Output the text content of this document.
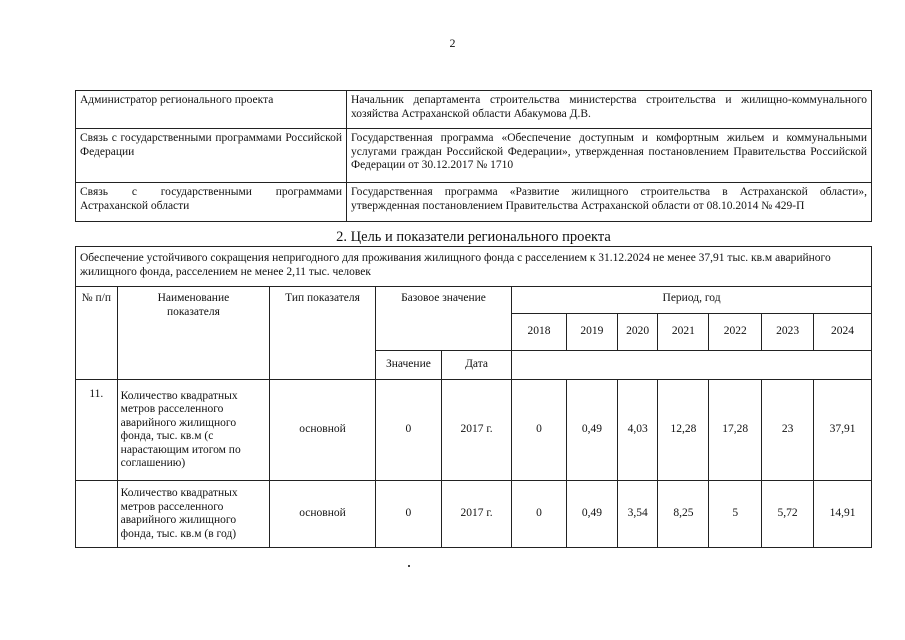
2
Администратор регионального проекта	Начальник департамента строительства министерства строительства и жилищно-коммунального хозяйства Астраханской области Абакумова Д.В.
Связь с государственными программами Российской Федерации	Государственная программа «Обеспечение доступным и комфортным жильем и коммунальными услугами граждан Российской Федерации», утвержденная постановлением Правительства Российской Федерации от 30.12.2017 № 1710
Связь с государственными программами Астраханской области	Государственная программа «Развитие жилищного строительства в Астраханской области», утвержденная постановлением Правительства Астраханской области от 08.10.2014 № 429-П
2. Цель и показатели регионального проекта
Обеспечение устойчивого сокращения непригодного для проживания жилищного фонда с расселением к 31.12.2024 не менее 37,91 тыс. кв.м аварийного жилищного фонда, расселением не менее 2,11 тыс. человек											
№ п/п	Наименование показателя	Тип показателя	Базовое значение		Период, год						
					2018	2019	2020	2021	2022	2023	2024
			Значение	Дата							
11.	Количество квадратных метров расселенного аварийного жилищного фонда, тыс. кв.м (с нарастающим итогом по соглашению)	основной	0	2017 г.	0	0,49	4,03	12,28	17,28	23	37,91
	Количество квадратных метров расселенного аварийного жилищного фонда, тыс. кв.м (в год)	основной	0	2017 г.	0	0,49	3,54	8,25	5	5,72	14,91
